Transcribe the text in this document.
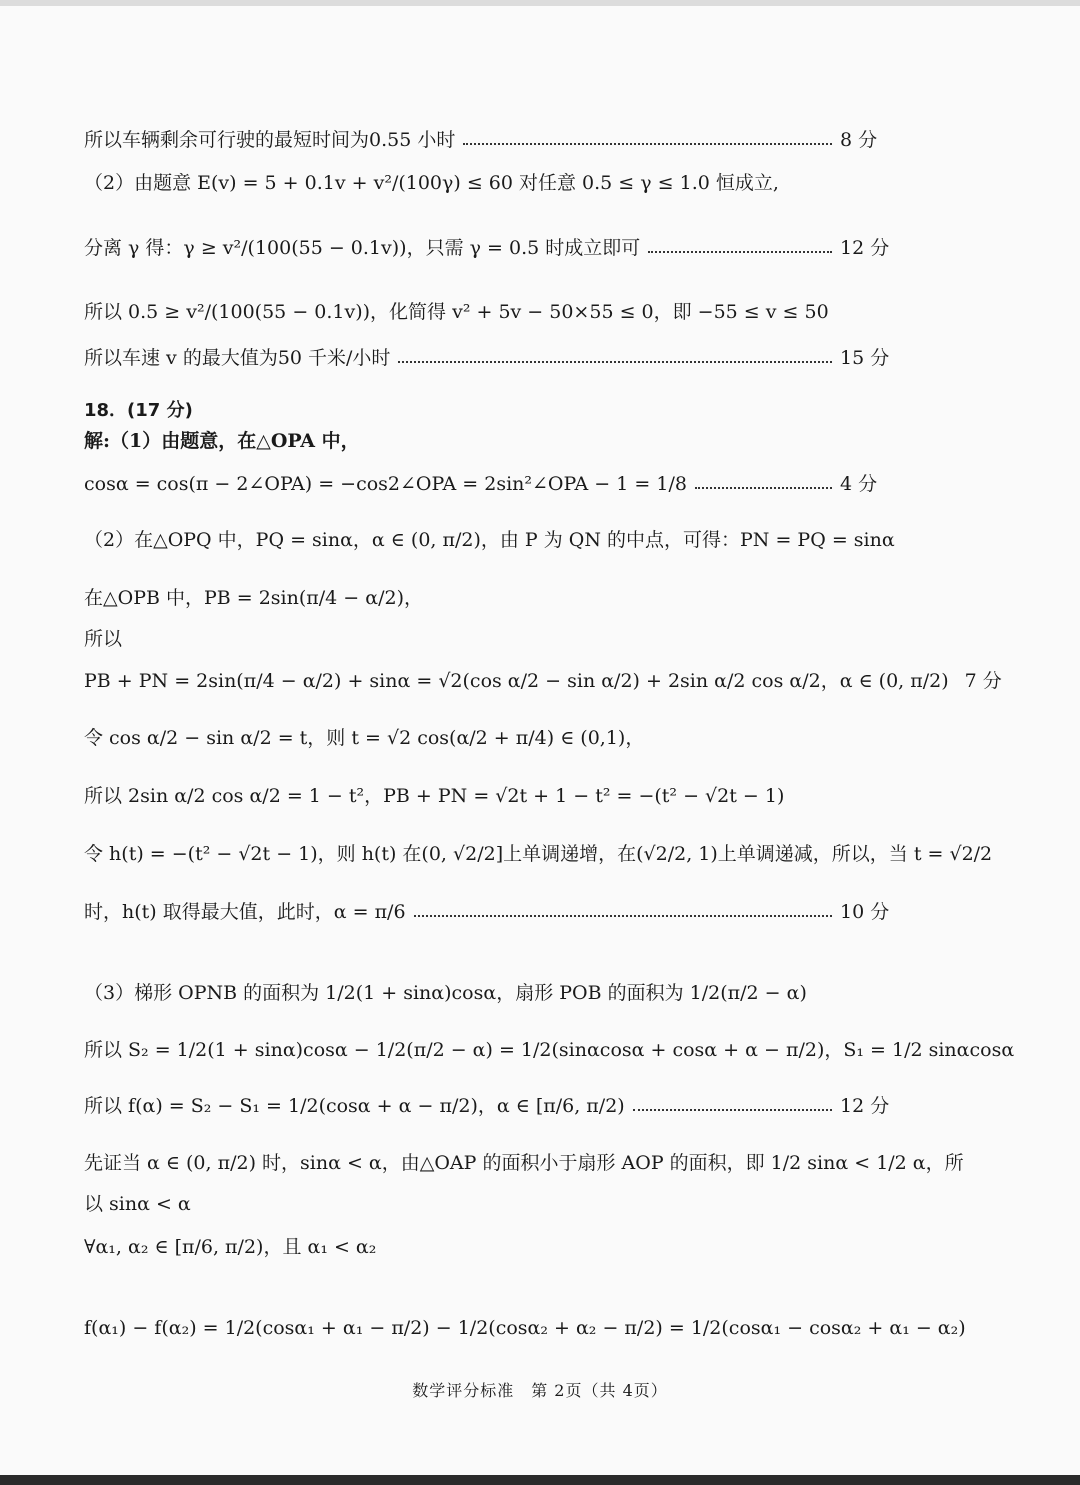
所以车辆剩余可行驶的最短时间为0.55 小时	8 分
（2）由题意 E(v) = 5 + 0.1v + v²/(100γ) ≤ 60 对任意 0.5 ≤ γ ≤ 1.0 恒成立,
分离 γ 得：γ ≥ v²/(100(55 − 0.1v))，只需 γ = 0.5 时成立即可	12 分
所以 0.5 ≥ v²/(100(55 − 0.1v))，化简得 v² + 5v − 50×55 ≤ 0，即 −55 ≤ v ≤ 50
所以车速 v 的最大值为50 千米/小时	15 分
18．(17 分)
解:（1）由题意，在△OPA 中，
cosα = cos(π − 2∠OPA) = −cos2∠OPA = 2sin²∠OPA − 1 = 1/8	4 分
（2）在△OPQ 中，PQ = sinα，α ∈ (0, π/2)，由 P 为 QN 的中点，可得：PN = PQ = sinα
在△OPB 中，PB = 2sin(π/4 − α/2)，
所以
PB + PN = 2sin(π/4 − α/2) + sinα = √2(cos α/2 − sin α/2) + 2sin α/2 cos α/2，α ∈ (0, π/2) 7 分
令 cos α/2 − sin α/2 = t，则 t = √2 cos(α/2 + π/4) ∈ (0,1)，
所以 2sin α/2 cos α/2 = 1 − t²，PB + PN = √2t + 1 − t² = −(t² − √2t − 1)
令 h(t) = −(t² − √2t − 1)，则 h(t) 在(0, √2/2]上单调递增，在(√2/2, 1)上单调递减，所以，当 t = √2/2
时，h(t) 取得最大值，此时，α = π/6	10 分
（3）梯形 OPNB 的面积为 1/2(1 + sinα)cosα，扇形 POB 的面积为 1/2(π/2 − α)
所以 S₂ = 1/2(1 + sinα)cosα − 1/2(π/2 − α) = 1/2(sinαcosα + cosα + α − π/2)，S₁ = 1/2 sinαcosα
所以 f(α) = S₂ − S₁ = 1/2(cosα + α − π/2)，α ∈ [π/6, π/2)	12 分
先证当 α ∈ (0, π/2) 时，sinα < α，由△OAP 的面积小于扇形 AOP 的面积，即 1/2 sinα < 1/2 α，所
以 sinα < α
∀α₁, α₂ ∈ [π/6, π/2)，且 α₁ < α₂
f(α₁) − f(α₂) = 1/2(cosα₁ + α₁ − π/2) − 1/2(cosα₂ + α₂ − π/2) = 1/2(cosα₁ − cosα₂ + α₁ − α₂)
数学评分标准　第 2页（共 4页）
